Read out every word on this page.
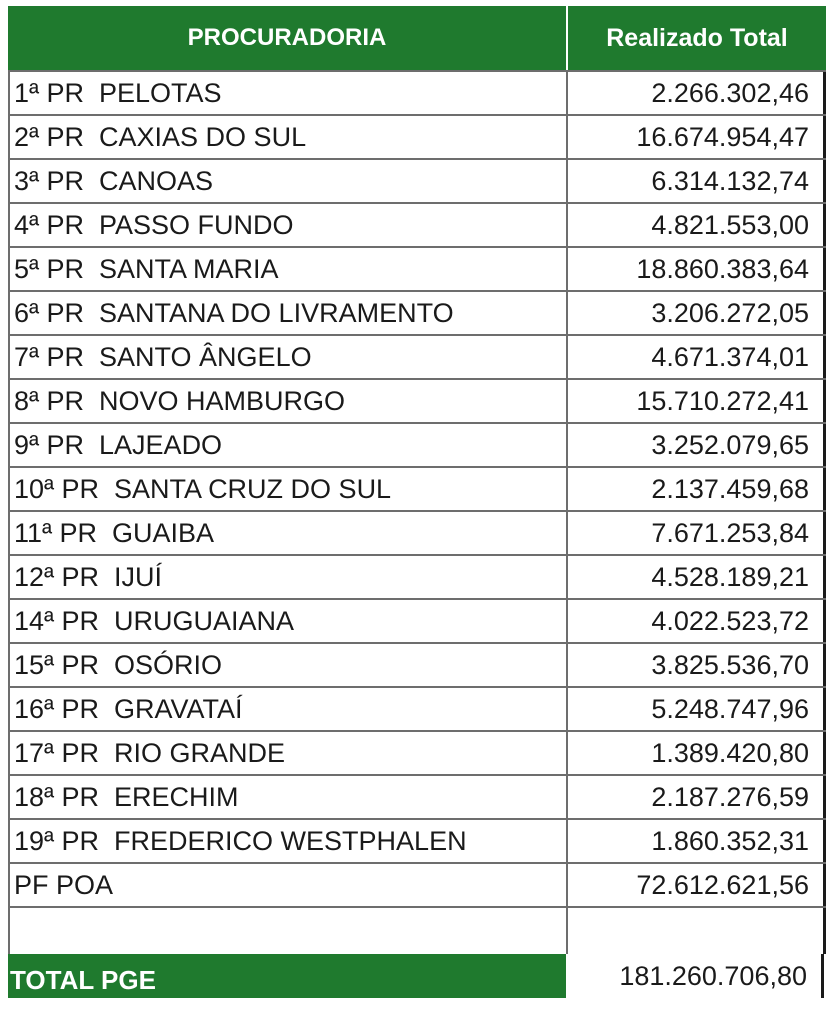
PROCURADORIA	Realizado Total
1ª PR  PELOTAS	2.266.302,46
2ª PR  CAXIAS DO SUL	16.674.954,47
3ª PR  CANOAS	6.314.132,74
4ª PR  PASSO FUNDO	4.821.553,00
5ª PR  SANTA MARIA	18.860.383,64
6ª PR  SANTANA DO LIVRAMENTO	3.206.272,05
7ª PR  SANTO ÂNGELO	4.671.374,01
8ª PR  NOVO HAMBURGO	15.710.272,41
9ª PR  LAJEADO	3.252.079,65
10ª PR  SANTA CRUZ DO SUL	2.137.459,68
11ª PR  GUAIBA	7.671.253,84
12ª PR  IJUÍ	4.528.189,21
14ª PR  URUGUAIANA	4.022.523,72
15ª PR  OSÓRIO	3.825.536,70
16ª PR  GRAVATAÍ	5.248.747,96
17ª PR  RIO GRANDE	1.389.420,80
18ª PR  ERECHIM	2.187.276,59
19ª PR  FREDERICO WESTPHALEN	1.860.352,31
PF POA	72.612.621,56
TOTAL PGE	181.260.706,80
